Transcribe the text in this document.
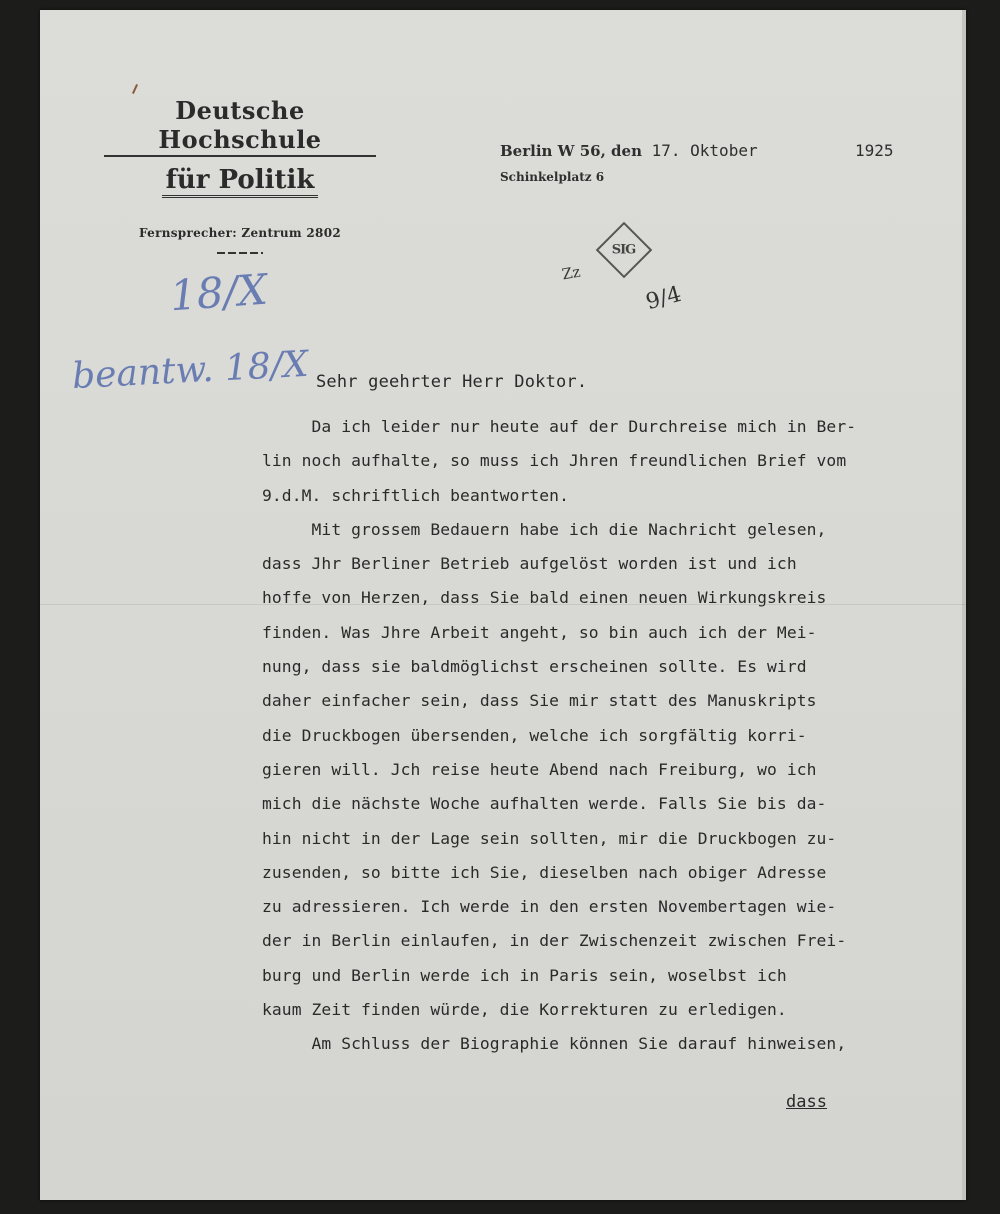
Deutsche Hochschule
für Politik
Fernsprecher: Zentrum 2802
Berlin W 56, den 17. Oktober	1925
Schinkelplatz 6
18/X
beantw. 18/X
Zz
SIG
9/4
Sehr geehrter Herr Doktor.
Da ich leider nur heute auf der Durchreise mich in Ber-
lin noch aufhalte, so muss ich Jhren freundlichen Brief vom
9.d.M. schriftlich beantworten.
Mit grossem Bedauern habe ich die Nachricht gelesen,
dass Jhr Berliner Betrieb aufgelöst worden ist und ich
hoffe von Herzen, dass Sie bald einen neuen Wirkungskreis
finden. Was Jhre Arbeit angeht, so bin auch ich der Mei-
nung, dass sie baldmöglichst erscheinen sollte. Es wird
daher einfacher sein, dass Sie mir statt des Manuskripts
die Druckbogen übersenden, welche ich sorgfältig korri-
gieren will. Jch reise heute Abend nach Freiburg, wo ich
mich die nächste Woche aufhalten werde. Falls Sie bis da-
hin nicht in der Lage sein sollten, mir die Druckbogen zu-
zusenden, so bitte ich Sie, dieselben nach obiger Adresse
zu adressieren. Ich werde in den ersten Novembertagen wie-
der in Berlin einlaufen, in der Zwischenzeit zwischen Frei-
burg und Berlin werde ich in Paris sein, woselbst ich
kaum Zeit finden würde, die Korrekturen zu erledigen.
Am Schluss der Biographie können Sie darauf hinweisen,
dass
